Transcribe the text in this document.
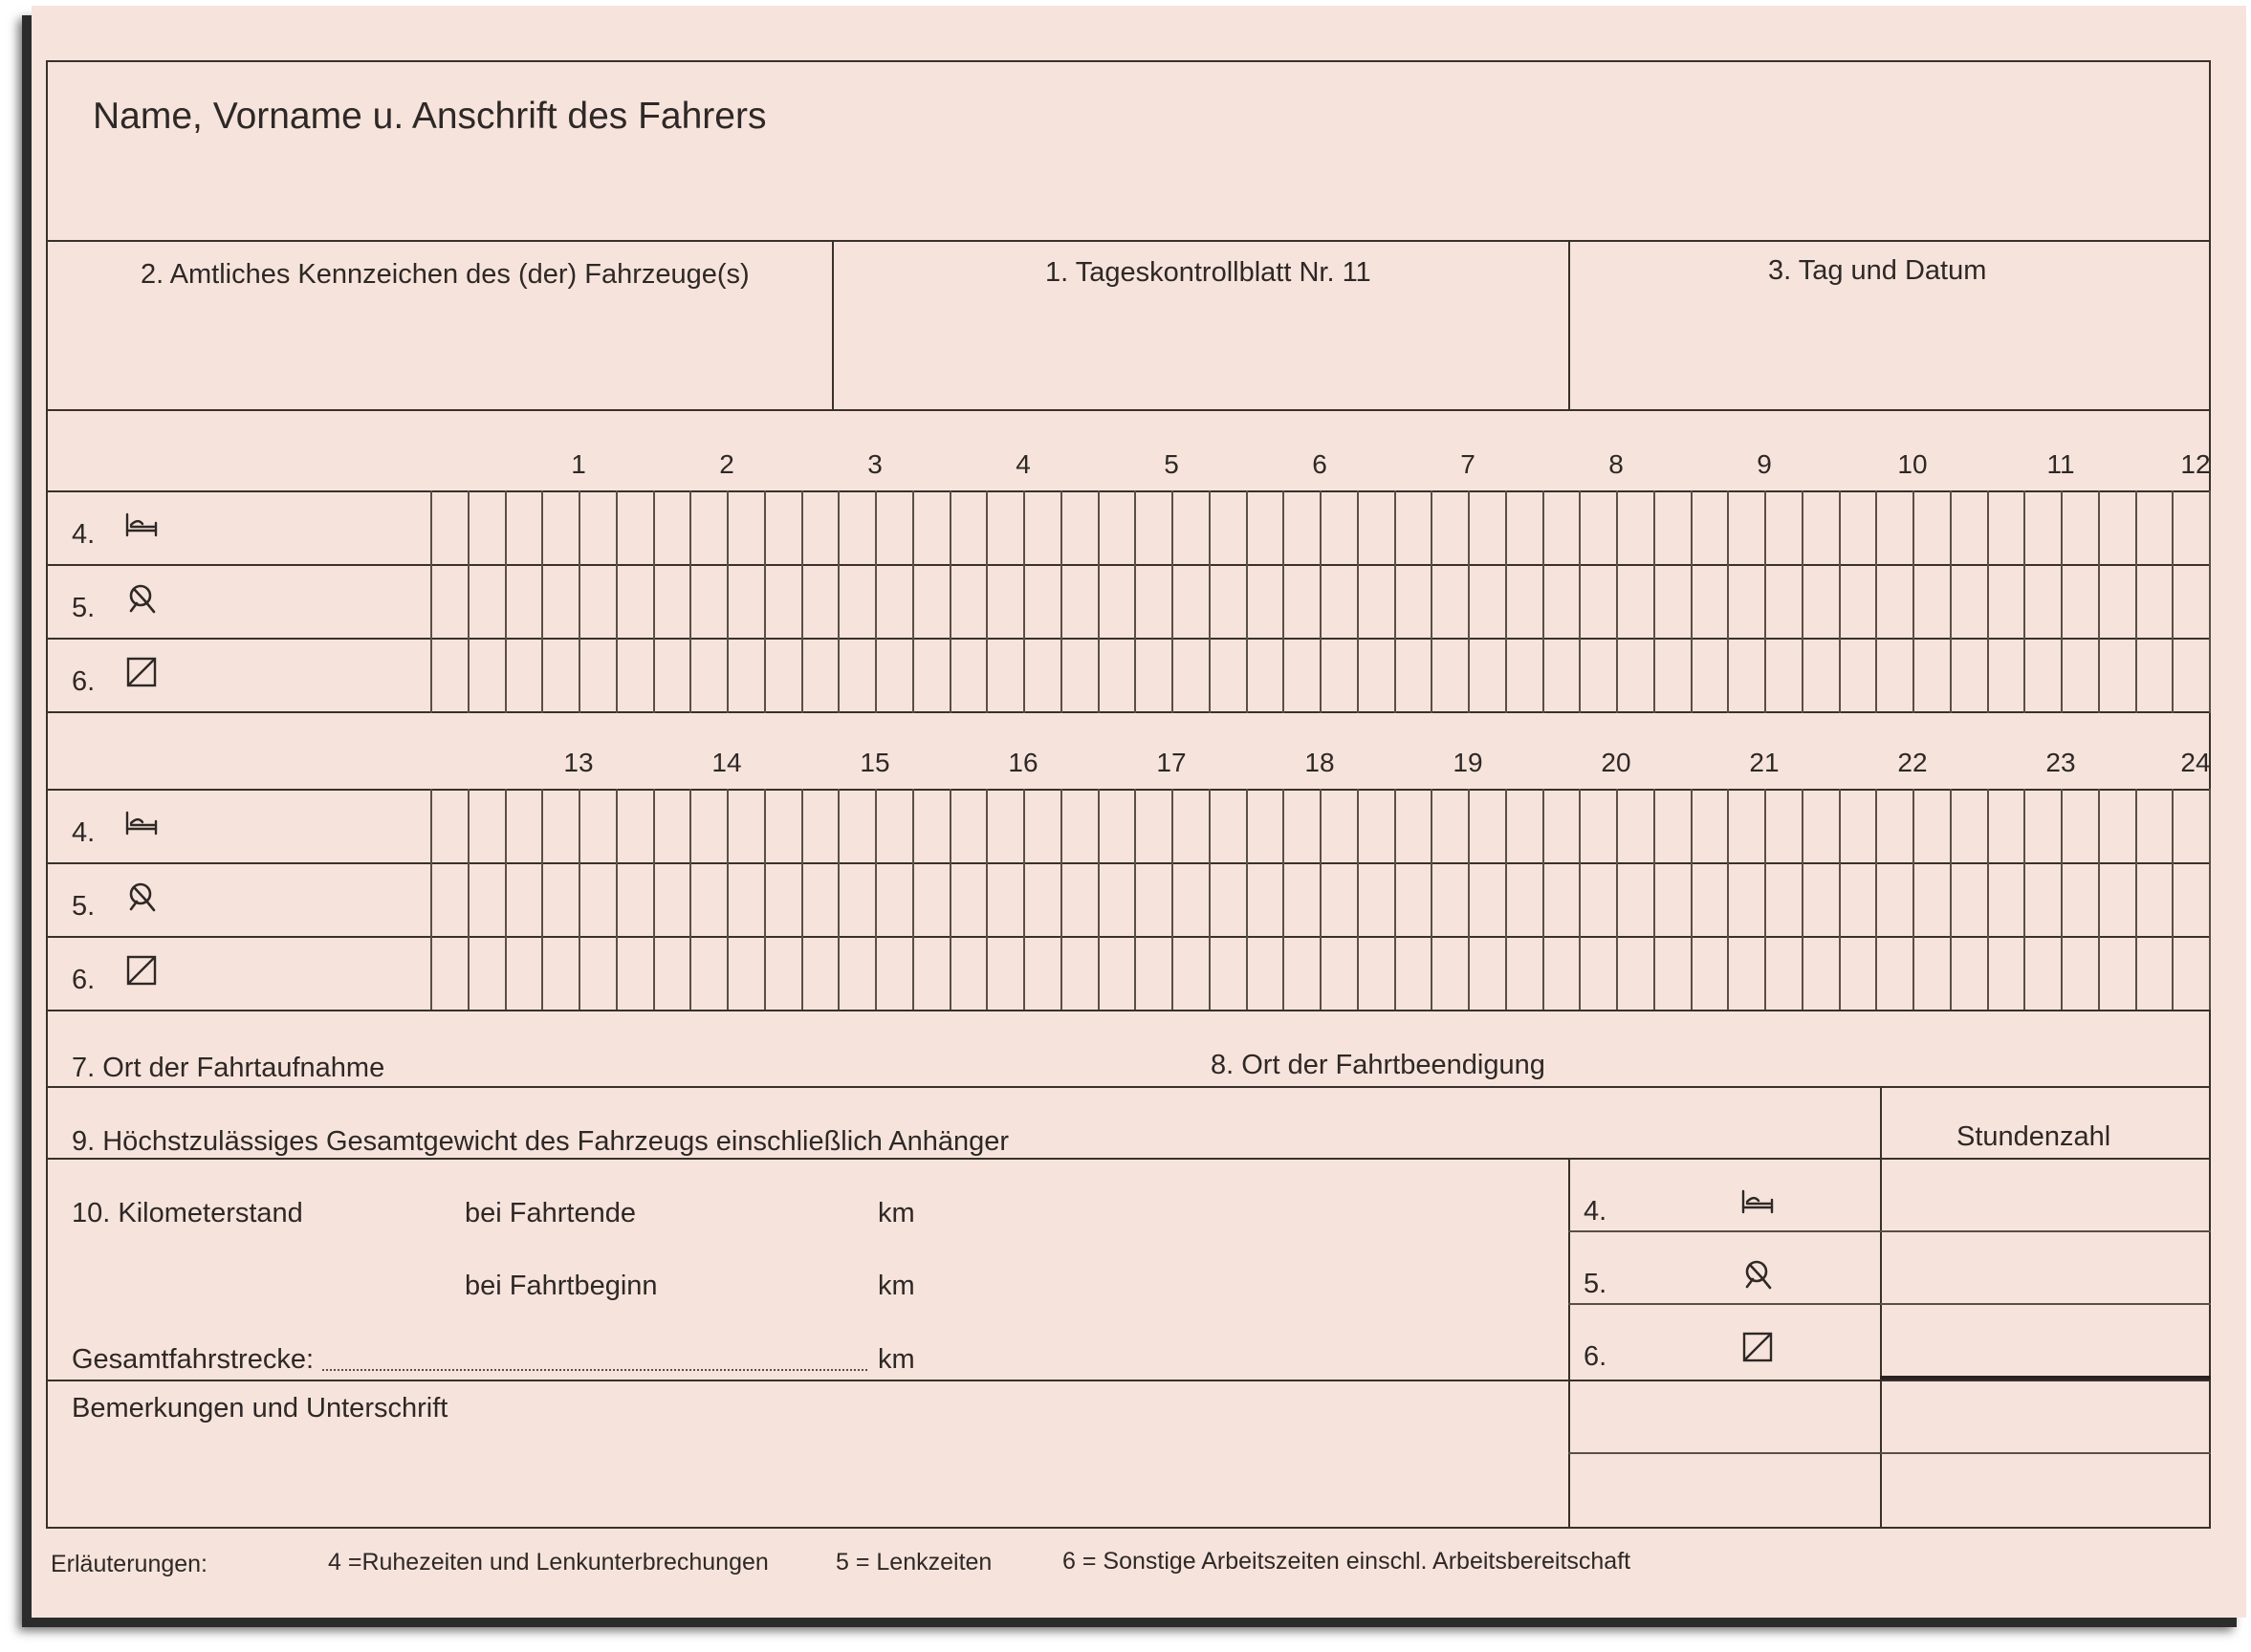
Name, Vorname u. Anschrift des Fahrers
2. Amtliches Kennzeichen des (der) Fahrzeuge(s)	1. Tageskontrollblatt Nr. 11	3. Tag und Datum
1	2	3	4	5	6	7	8	9	10	11	12
4.
5.
6.
13	14	15	16	17	18	19	20	21	22	23	24
4.
5.
6.
7. Ort der Fahrtaufnahme	8. Ort der Fahrtbeendigung
9. Höchstzulässiges Gesamtgewicht des Fahrzeugs einschließlich Anhänger	Stundenzahl
10. Kilometerstand	bei Fahrtende	km
bei Fahrtbeginn	km
Gesamtfahrstrecke:	km
4.
5.
6.
Bemerkungen und Unterschrift
Erläuterungen:	4 =Ruhezeiten und Lenkunterbrechungen	5 = Lenkzeiten	6 = Sonstige Arbeitszeiten einschl. Arbeitsbereitschaft
